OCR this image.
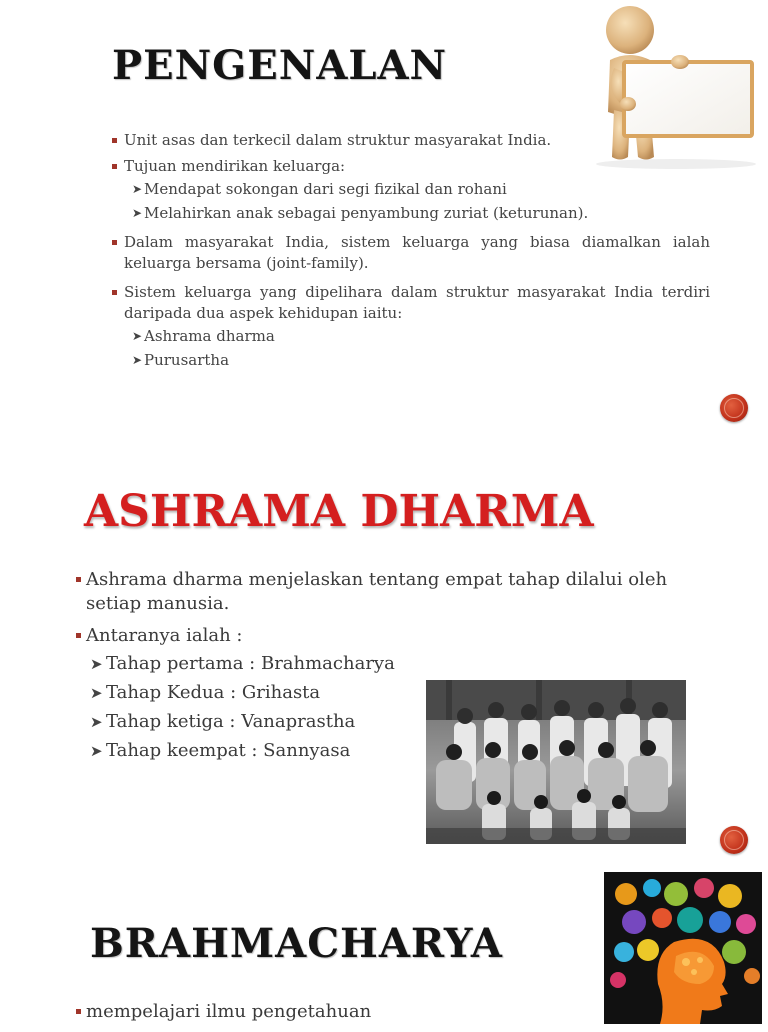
PENGENALAN
Unit asas dan terkecil dalam struktur masyarakat India.
Tujuan mendirikan keluarga:
➤ Mendapat sokongan dari segi fizikal dan rohani
➤ Melahirkan anak sebagai penyambung zuriat (keturunan).
Dalam masyarakat India, sistem keluarga yang biasa diamalkan ialah keluarga bersama (joint-family).
Sistem keluarga yang dipelihara dalam struktur masyarakat India terdiri daripada dua aspek kehidupan iaitu:
➤ Ashrama dharma
➤ Purusartha
ASHRAMA DHARMA
Ashrama dharma menjelaskan tentang empat tahap dilalui oleh setiap manusia.
Antaranya ialah :
➤ Tahap pertama : Brahmacharya
➤ Tahap Kedua : Grihasta
➤ Tahap ketiga : Vanaprastha
➤ Tahap keempat : Sannyasa
BRAHMACHARYA
mempelajari ilmu pengetahuan
